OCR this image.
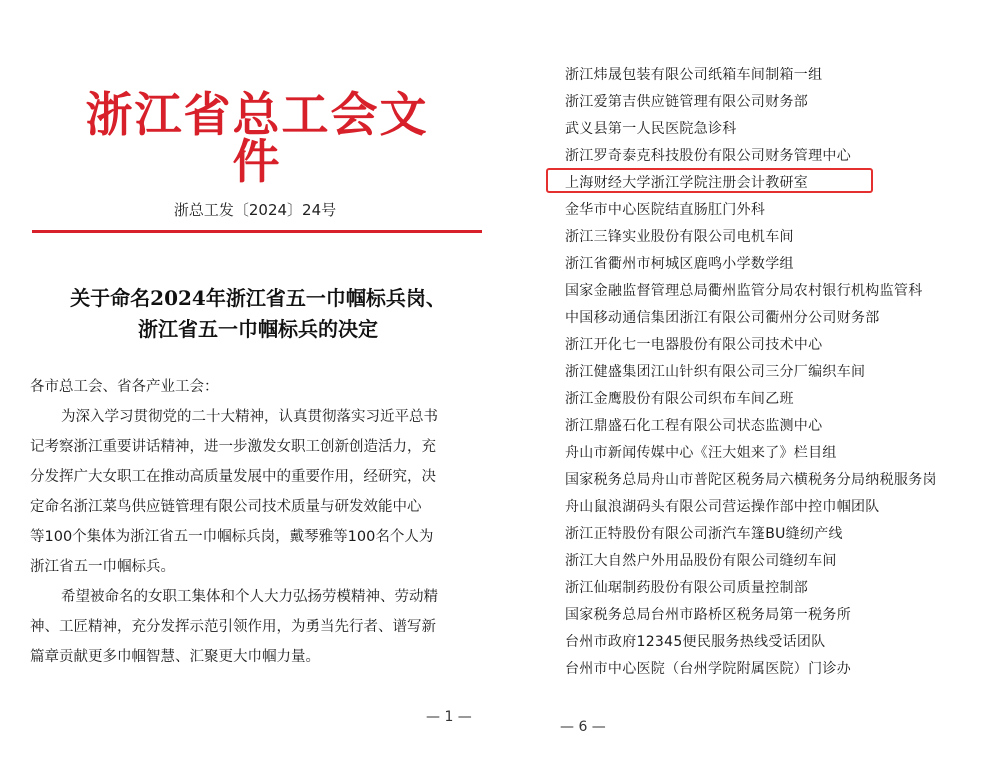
浙江省总工会文件
浙总工发〔2024〕24号
关于命名2024年浙江省五一巾帼标兵岗、
浙江省五一巾帼标兵的决定
各市总工会、省各产业工会：
为深入学习贯彻党的二十大精神，认真贯彻落实习近平总书
记考察浙江重要讲话精神，进一步激发女职工创新创造活力，充
分发挥广大女职工在推动高质量发展中的重要作用，经研究，决
定命名浙江菜鸟供应链管理有限公司技术质量与研发效能中心
等100个集体为浙江省五一巾帼标兵岗，戴琴雅等100名个人为
浙江省五一巾帼标兵。
希望被命名的女职工集体和个人大力弘扬劳模精神、劳动精
神、工匠精神，充分发挥示范引领作用，为勇当先行者、谱写新
篇章贡献更多巾帼智慧、汇聚更大巾帼力量。
— 1 —
浙江炜晟包装有限公司纸箱车间制箱一组
浙江爱第吉供应链管理有限公司财务部
武义县第一人民医院急诊科
浙江罗奇泰克科技股份有限公司财务管理中心
上海财经大学浙江学院注册会计教研室
金华市中心医院结直肠肛门外科
浙江三锋实业股份有限公司电机车间
浙江省衢州市柯城区鹿鸣小学数学组
国家金融监督管理总局衢州监管分局农村银行机构监管科
中国移动通信集团浙江有限公司衢州分公司财务部
浙江开化七一电器股份有限公司技术中心
浙江健盛集团江山针织有限公司三分厂编织车间
浙江金鹰股份有限公司织布车间乙班
浙江鼎盛石化工程有限公司状态监测中心
舟山市新闻传媒中心《汪大姐来了》栏目组
国家税务总局舟山市普陀区税务局六横税务分局纳税服务岗
舟山鼠浪湖码头有限公司营运操作部中控巾帼团队
浙江正特股份有限公司浙汽车篷BU缝纫产线
浙江大自然户外用品股份有限公司缝纫车间
浙江仙琚制药股份有限公司质量控制部
国家税务总局台州市路桥区税务局第一税务所
台州市政府12345便民服务热线受话团队
台州市中心医院（台州学院附属医院）门诊办
— 6 —
